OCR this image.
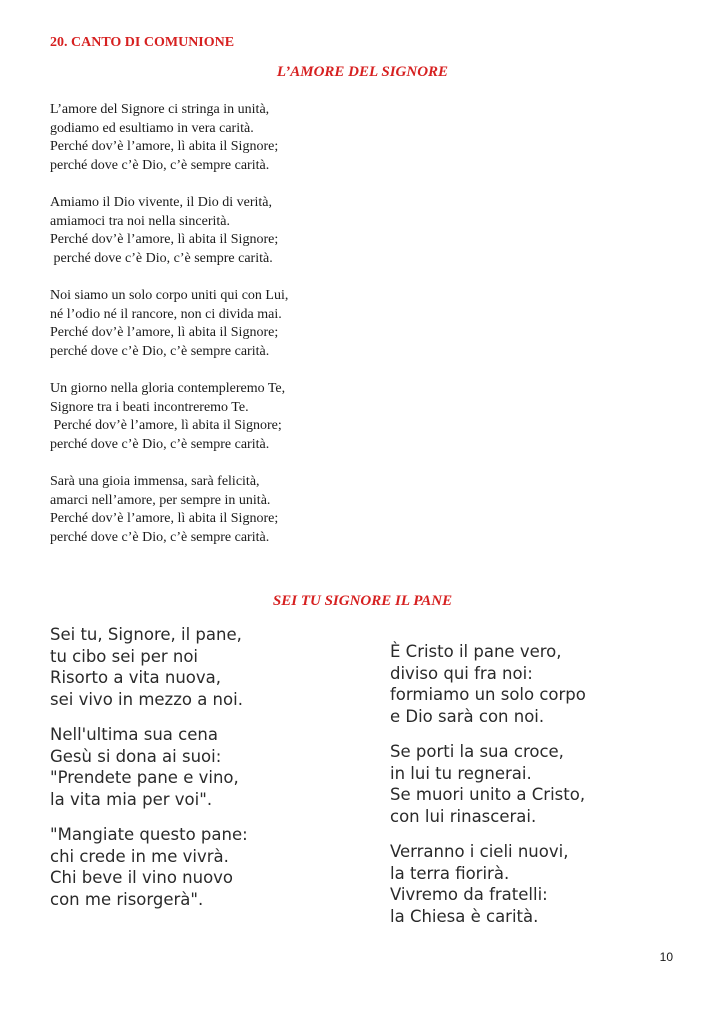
20. CANTO DI COMUNIONE
L’AMORE DEL SIGNORE
L’amore del Signore ci stringa in unità,
godiamo ed esultiamo in vera carità.
Perché dov’è l’amore, lì abita il Signore;
perché dove c’è Dio, c’è sempre carità.
Amiamo il Dio vivente, il Dio di verità,
amiamoci tra noi nella sincerità.
Perché dov’è l’amore, lì abita il Signore;
perché dove c’è Dio, c’è sempre carità.
Noi siamo un solo corpo uniti qui con Lui,
né l’odio né il rancore, non ci divida mai.
Perché dov’è l’amore, lì abita il Signore;
perché dove c’è Dio, c’è sempre carità.
Un giorno nella gloria contempleremo Te,
Signore tra i beati incontreremo Te.
Perché dov’è l’amore, lì abita il Signore;
perché dove c’è Dio, c’è sempre carità.
Sarà una gioia immensa, sarà felicità,
amarci nell’amore, per sempre in unità.
Perché dov’è l’amore, lì abita il Signore;
perché dove c’è Dio, c’è sempre carità.
SEI TU SIGNORE IL PANE
Sei tu, Signore, il pane,
tu cibo sei per noi
Risorto a vita nuova,
sei vivo in mezzo a noi.
Nell'ultima sua cena
Gesù si dona ai suoi:
"Prendete pane e vino,
la vita mia per voi".
"Mangiate questo pane:
chi crede in me vivrà.
Chi beve il vino nuovo
con me risorgerà".
È Cristo il pane vero,
diviso qui fra noi:
formiamo un solo corpo
e Dio sarà con noi.
Se porti la sua croce,
in lui tu regnerai.
Se muori unito a Cristo,
con lui rinascerai.
Verranno i cieli nuovi,
la terra fiorirà.
Vivremo da fratelli:
la Chiesa è carità.
10
